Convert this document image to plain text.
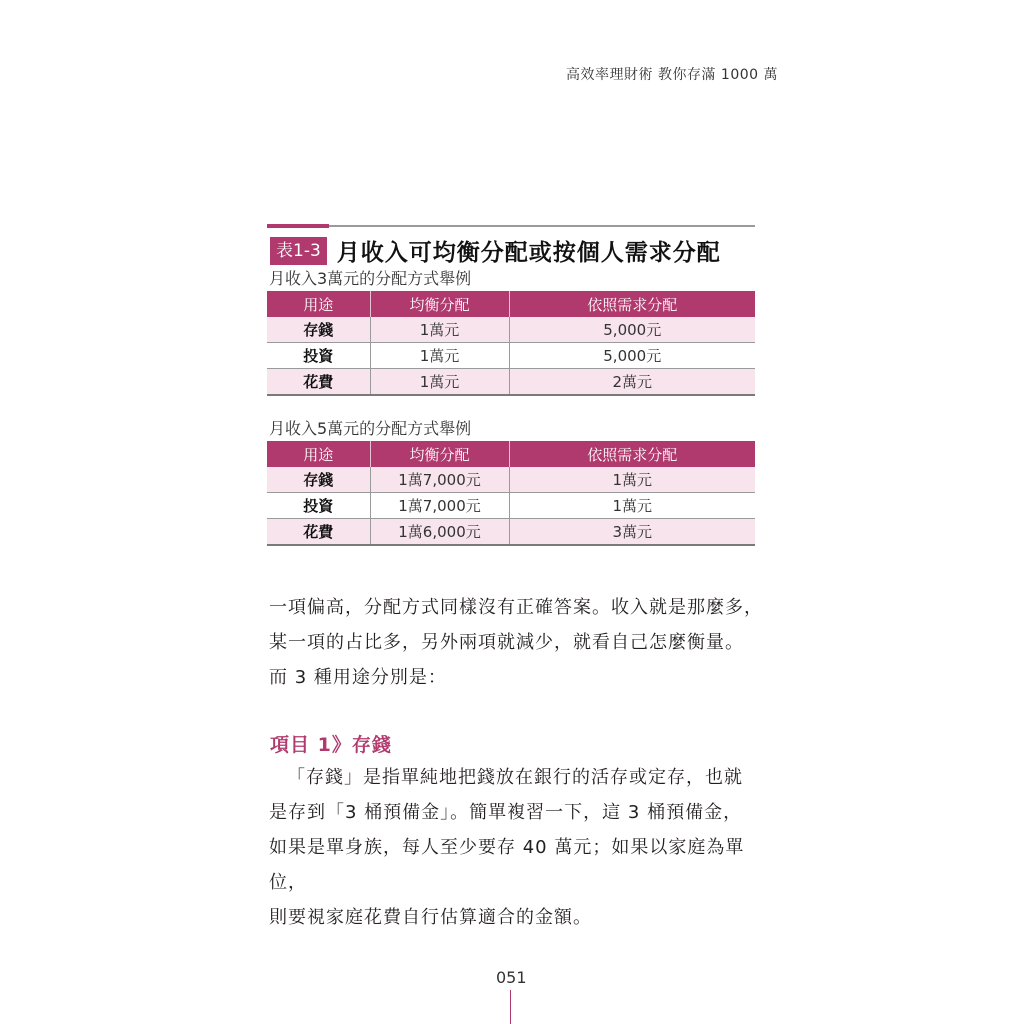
高效率理財術 教你存滿 1000 萬
表1-3 月收入可均衡分配或按個人需求分配
月收入3萬元的分配方式舉例
用途	均衡分配	依照需求分配
存錢	1萬元	5,000元
投資	1萬元	5,000元
花費	1萬元	2萬元
月收入5萬元的分配方式舉例
用途	均衡分配	依照需求分配
存錢	1萬7,000元	1萬元
投資	1萬7,000元	1萬元
花費	1萬6,000元	3萬元
一項偏高，分配方式同樣沒有正確答案。收入就是那麼多，
某一項的占比多，另外兩項就減少，就看自己怎麼衡量。
而 3 種用途分別是：
項目 1》存錢
「存錢」是指單純地把錢放在銀行的活存或定存，也就
是存到「3 桶預備金」。簡單複習一下，這 3 桶預備金，
如果是單身族，每人至少要存 40 萬元；如果以家庭為單位，
則要視家庭花費自行估算適合的金額。
051
